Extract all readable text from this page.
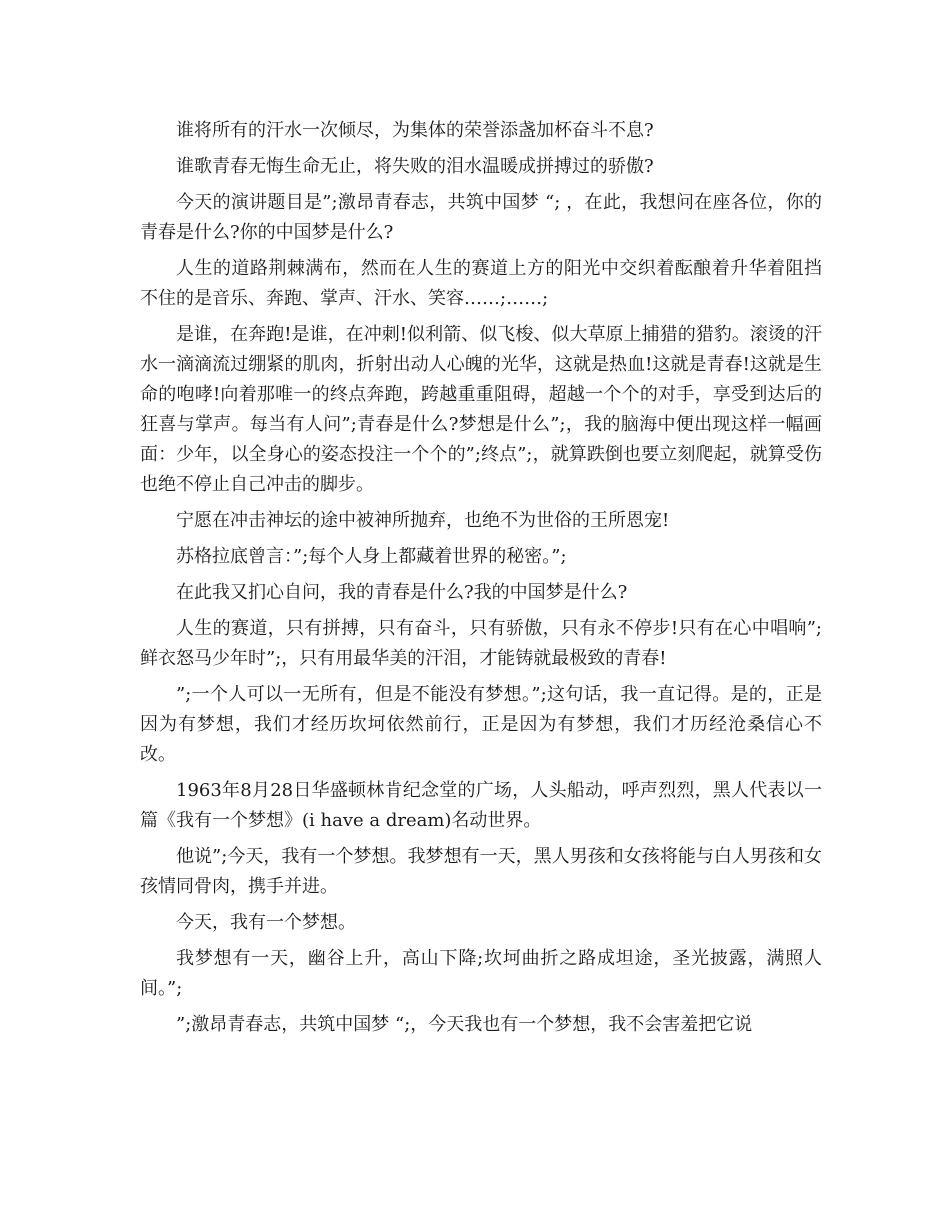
谁将所有的汗水一次倾尽，为集体的荣誉添盏加杯奋斗不息?

谁歌青春无悔生命无止，将失败的泪水温暖成拼搏过的骄傲?

今天的演讲题目是”;激昂青春志，共筑中国梦 “; ，在此，我想问在座各位，你的青春是什么?你的中国梦是什么?

人生的道路荆棘满布，然而在人生的赛道上方的阳光中交织着酝酿着升华着阻挡不住的是音乐、奔跑、掌声、汗水、笑容……;……;

是谁，在奔跑!是谁，在冲刺!似利箭、似飞梭、似大草原上捕猎的猎豹。滚烫的汗水一滴滴流过绷紧的肌肉，折射出动人心魄的光华，这就是热血!这就是青春!这就是生命的咆哮!向着那唯一的终点奔跑，跨越重重阻碍，超越一个个的对手，享受到达后的狂喜与掌声。每当有人问”;青春是什么?梦想是什么”;，我的脑海中便出现这样一幅画面：少年，以全身心的姿态投注一个个的”;终点”;，就算跌倒也要立刻爬起，就算受伤也绝不停止自己冲击的脚步。

宁愿在冲击神坛的途中被神所抛弃，也绝不为世俗的王所恩宠!

苏格拉底曾言：”;每个人身上都藏着世界的秘密。”;

在此我又扪心自问，我的青春是什么?我的中国梦是什么?

人生的赛道，只有拼搏，只有奋斗，只有骄傲，只有永不停步!只有在心中唱响”;鲜衣怒马少年时”;，只有用最华美的汗泪，才能铸就最极致的青春!

”;一个人可以一无所有，但是不能没有梦想。”;这句话，我一直记得。是的，正是因为有梦想，我们才经历坎坷依然前行，正是因为有梦想，我们才历经沧桑信心不改。

1963年8月28日华盛顿林肯纪念堂的广场，人头船动，呼声烈烈，黑人代表以一篇《我有一个梦想》(i have a dream)名动世界。

他说”;今天，我有一个梦想。我梦想有一天，黑人男孩和女孩将能与白人男孩和女孩情同骨肉，携手并进。

今天，我有一个梦想。

我梦想有一天，幽谷上升，高山下降;坎坷曲折之路成坦途，圣光披露，满照人间。”;

”;激昂青春志，共筑中国梦 “;，今天我也有一个梦想，我不会害羞把它说
